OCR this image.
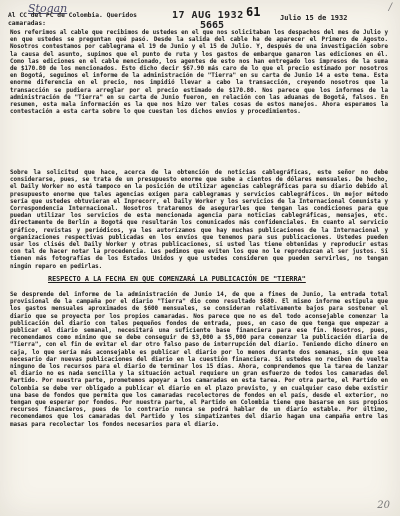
Stogan	/
17 AUG 1932 61
5665
Julio 15 de 1932
Al CC del PC de Colombia. Queridos camaradas:
Nos referimos al cable que recibimos de ustedes en el que nos solicitaban los despachos del mes de Julio y en que ustedes se preguntan qué pasó. Desde la salida del cable ha de aparecer el Primero de Agosto. Nosotros contestamos por cablegrama el 19 de Junio y el 15 de Julio. Y, después de una investigación sobre la causa del asunto, supimos que el punto de ruta y los gastos de embarque ganaron las ediciones en él. Como las ediciones en el cable mencionado, los agentes de esto nos han entregado los impresos de la suma de $170.80 de los mencionados. Esto dicho decir $67.90 más caro de lo que el precio estimado por nosotros en Bogotá, seguimos el informe de la administración de "Tierra" en su carta de Junio 14 a este tema. Esta enorme diferencia en el precio, nos impidió llevar a cabo la transacción, creyendo nosotros que la transacción se pudiera arreglar por el precio estimado de $170.80. Nos parece que los informes de la administración de "Tierra" en su carta de Junio fueron, en relación con las aduanas de Bogotá, falsos. En resumen, esta mala información es la que nos hizo ver tales cosas de estos manejos. Ahora esperamos la contestación a esta carta sobre lo que cuestan los dichos envíos y procedimientos.
Sobre la solicitud que hace, acerca de la obtención de noticias cablegráficas, este señor no debe considerarse, pues, se trata de un presupuesto enorme que sube a cientos de dólares mensuales. De hecho, el Daily Worker no está tampoco en la posición de utilizar agencias cablegráficas para su diario debido al presupuesto enorme que tales agencias exigen para cablegramas y servicios cablegráficos. Un mejor método sería que ustedes obtuvieran el Inprecorr, el Daily Worker y los servicios de la Internacional Comunista y Correspondencia Internacional. Nosotros trataremos de asegurarles que tengan las condiciones para que puedan utilizar los servicios de esta mencionada agencia para noticias cablegráficas, mensajes, etc. directamente de Berlín a Bogotá que resultarán los comunicados más confidenciales. En cuanto al servicio gráfico, revistas y periódicos, ya les autorizamos que hay muchas publicaciones de la Internacional y organizaciones respectivas publicadas en los envíos que tenemos para sus publicaciones. Ustedes pueden usar los clisés del Daily Worker y otras publicaciones, si usted las tiene obtenidas y reproducir estas con tal de hacer notar la procedencia. Les pedimos que eviten los que no le reproduzcan al ser justos. Si tienen más fotografías de los Estados Unidos y que ustedes consideren que pueden servirles, no tengan ningún reparo en pedirlas.
RESPECTO A LA FECHA EN QUE COMENZARÁ LA PUBLICACIÓN DE "TIERRA"
Se desprende del informe de la administración de Junio 14, de que a fines de Junio, la entrada total provisional de la campaña por el diario "Tierra" dio como resultado $680. El mismo informe estipula que los gastos mensuales aproximados de $600 mensuales, se consideran relativamente bajos para sostener el diario que se proyecta por los propios camaradas. Nos parece que no es del todo aconsejable comenzar la publicación del diario con tales pequeños fondos de entrada, pues, en caso de que tenga que empezar a publicar el diario semanal, necesitará una suficiente base financiera para ese fin. Nosotros, pues, recomendamos como mínimo que se debe conseguir de $3,000 a $5,000 para comenzar la publicación diaria de "Tierra", con el fin de evitar el dar otro falso paso de interrupción del diario. Teniendo dicho dinero en caja, lo que sería más aconsejable es publicar el diario por lo menos durante dos semanas, sin que sea necesario dar nuevas publicaciones del diario en la cuestión financiera. Si ustedes no reciben de vuelta ninguno de los recursos para el diario de terminar los 15 días. Ahora, comprendemos que la tarea de lanzar el diario no es nada sencilla y la situación actual requiere un gran esfuerzo de todos los camaradas del Partido. Por nuestra parte, prometemos apoyar a los camaradas en esta tarea. Por otra parte, el Partido en Colombia se debe ver obligado a publicar el diario en el plazo previsto, y en cualquier caso debe existir una base de fondos que permita que los camaradas recolectores de fondos en el país, desde el exterior, no tengan que esperar por fondos. Por nuestra parte, el Partido en Colombia tiene que basarse en sus propios recursos financieros, pues de lo contrario nunca se podrá hablar de un diario estable. Por último, recomendamos que los camaradas del Partido y los simpatizantes del diario hagan una campaña entre las masas para recolectar los fondos necesarios para el diario.
20
